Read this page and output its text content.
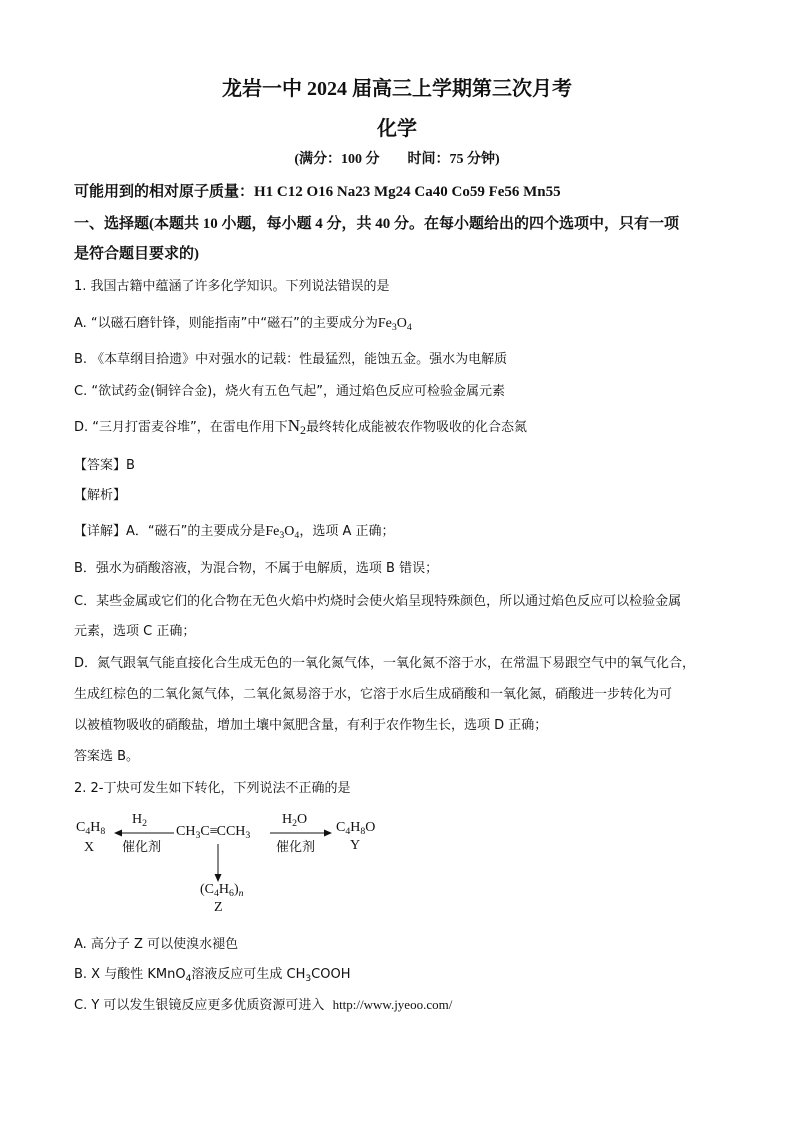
龙岩一中 2024 届高三上学期第三次月考
化学
(满分：100 分　　时间：75 分钟)
可能用到的相对原子质量：H1 C12 O16 Na23 Mg24 Ca40 Co59 Fe56 Mn55
一、选择题(本题共 10 小题，每小题 4 分，共 40 分。在每小题给出的四个选项中，只有一项
是符合题目要求的)
1. 我国古籍中蕴涵了许多化学知识。下列说法错误的是
A. “以磁石磨针锋，则能指南”中“磁石”的主要成分为$Fe_3O_4$
B. 《本草纲目拾遗》中对强水的记载：性最猛烈，能蚀五金。强水为电解质
C. “欲试药金(铜锌合金)，烧火有五色气起”，通过焰色反应可检验金属元素
D. “三月打雷麦谷堆”，在雷电作用下$N_2$最终转化成能被农作物吸收的化合态氮
【答案】B
【解析】
【详解】A．“磁石”的主要成分是$Fe_3O_4$，选项 A 正确；
B．强水为硝酸溶液，为混合物，不属于电解质，选项 B 错误；
C．某些金属或它们的化合物在无色火焰中灼烧时会使火焰呈现特殊颜色，所以通过焰色反应可以检验金属
元素，选项 C 正确；
D．氮气跟氧气能直接化合生成无色的一氧化氮气体，一氧化氮不溶于水，在常温下易跟空气中的氧气化合，
生成红棕色的二氧化氮气体，二氧化氮易溶于水，它溶于水后生成硝酸和一氧化氮，硝酸进一步转化为可
以被植物吸收的硝酸盐，增加土壤中氮肥含量，有利于农作物生长，选项 D 正确；
答案选 B。
2. 2-丁炔可发生如下转化，下列说法不正确的是
$C_4H_8$
X
$H_2$
催化剂
$CH_3C\equiv CCH_3$
$H_2O$
催化剂
$C_4H_8O$
Y
$(C_4H_6)_n$
Z
A. 高分子 Z 可以使溴水褪色
B. X 与酸性 KMnO$_4$溶液反应可生成 $CH_3COOH$
C. Y 可以发生银镜反应更多优质资源可进入 http://www.jyeoo.com/
